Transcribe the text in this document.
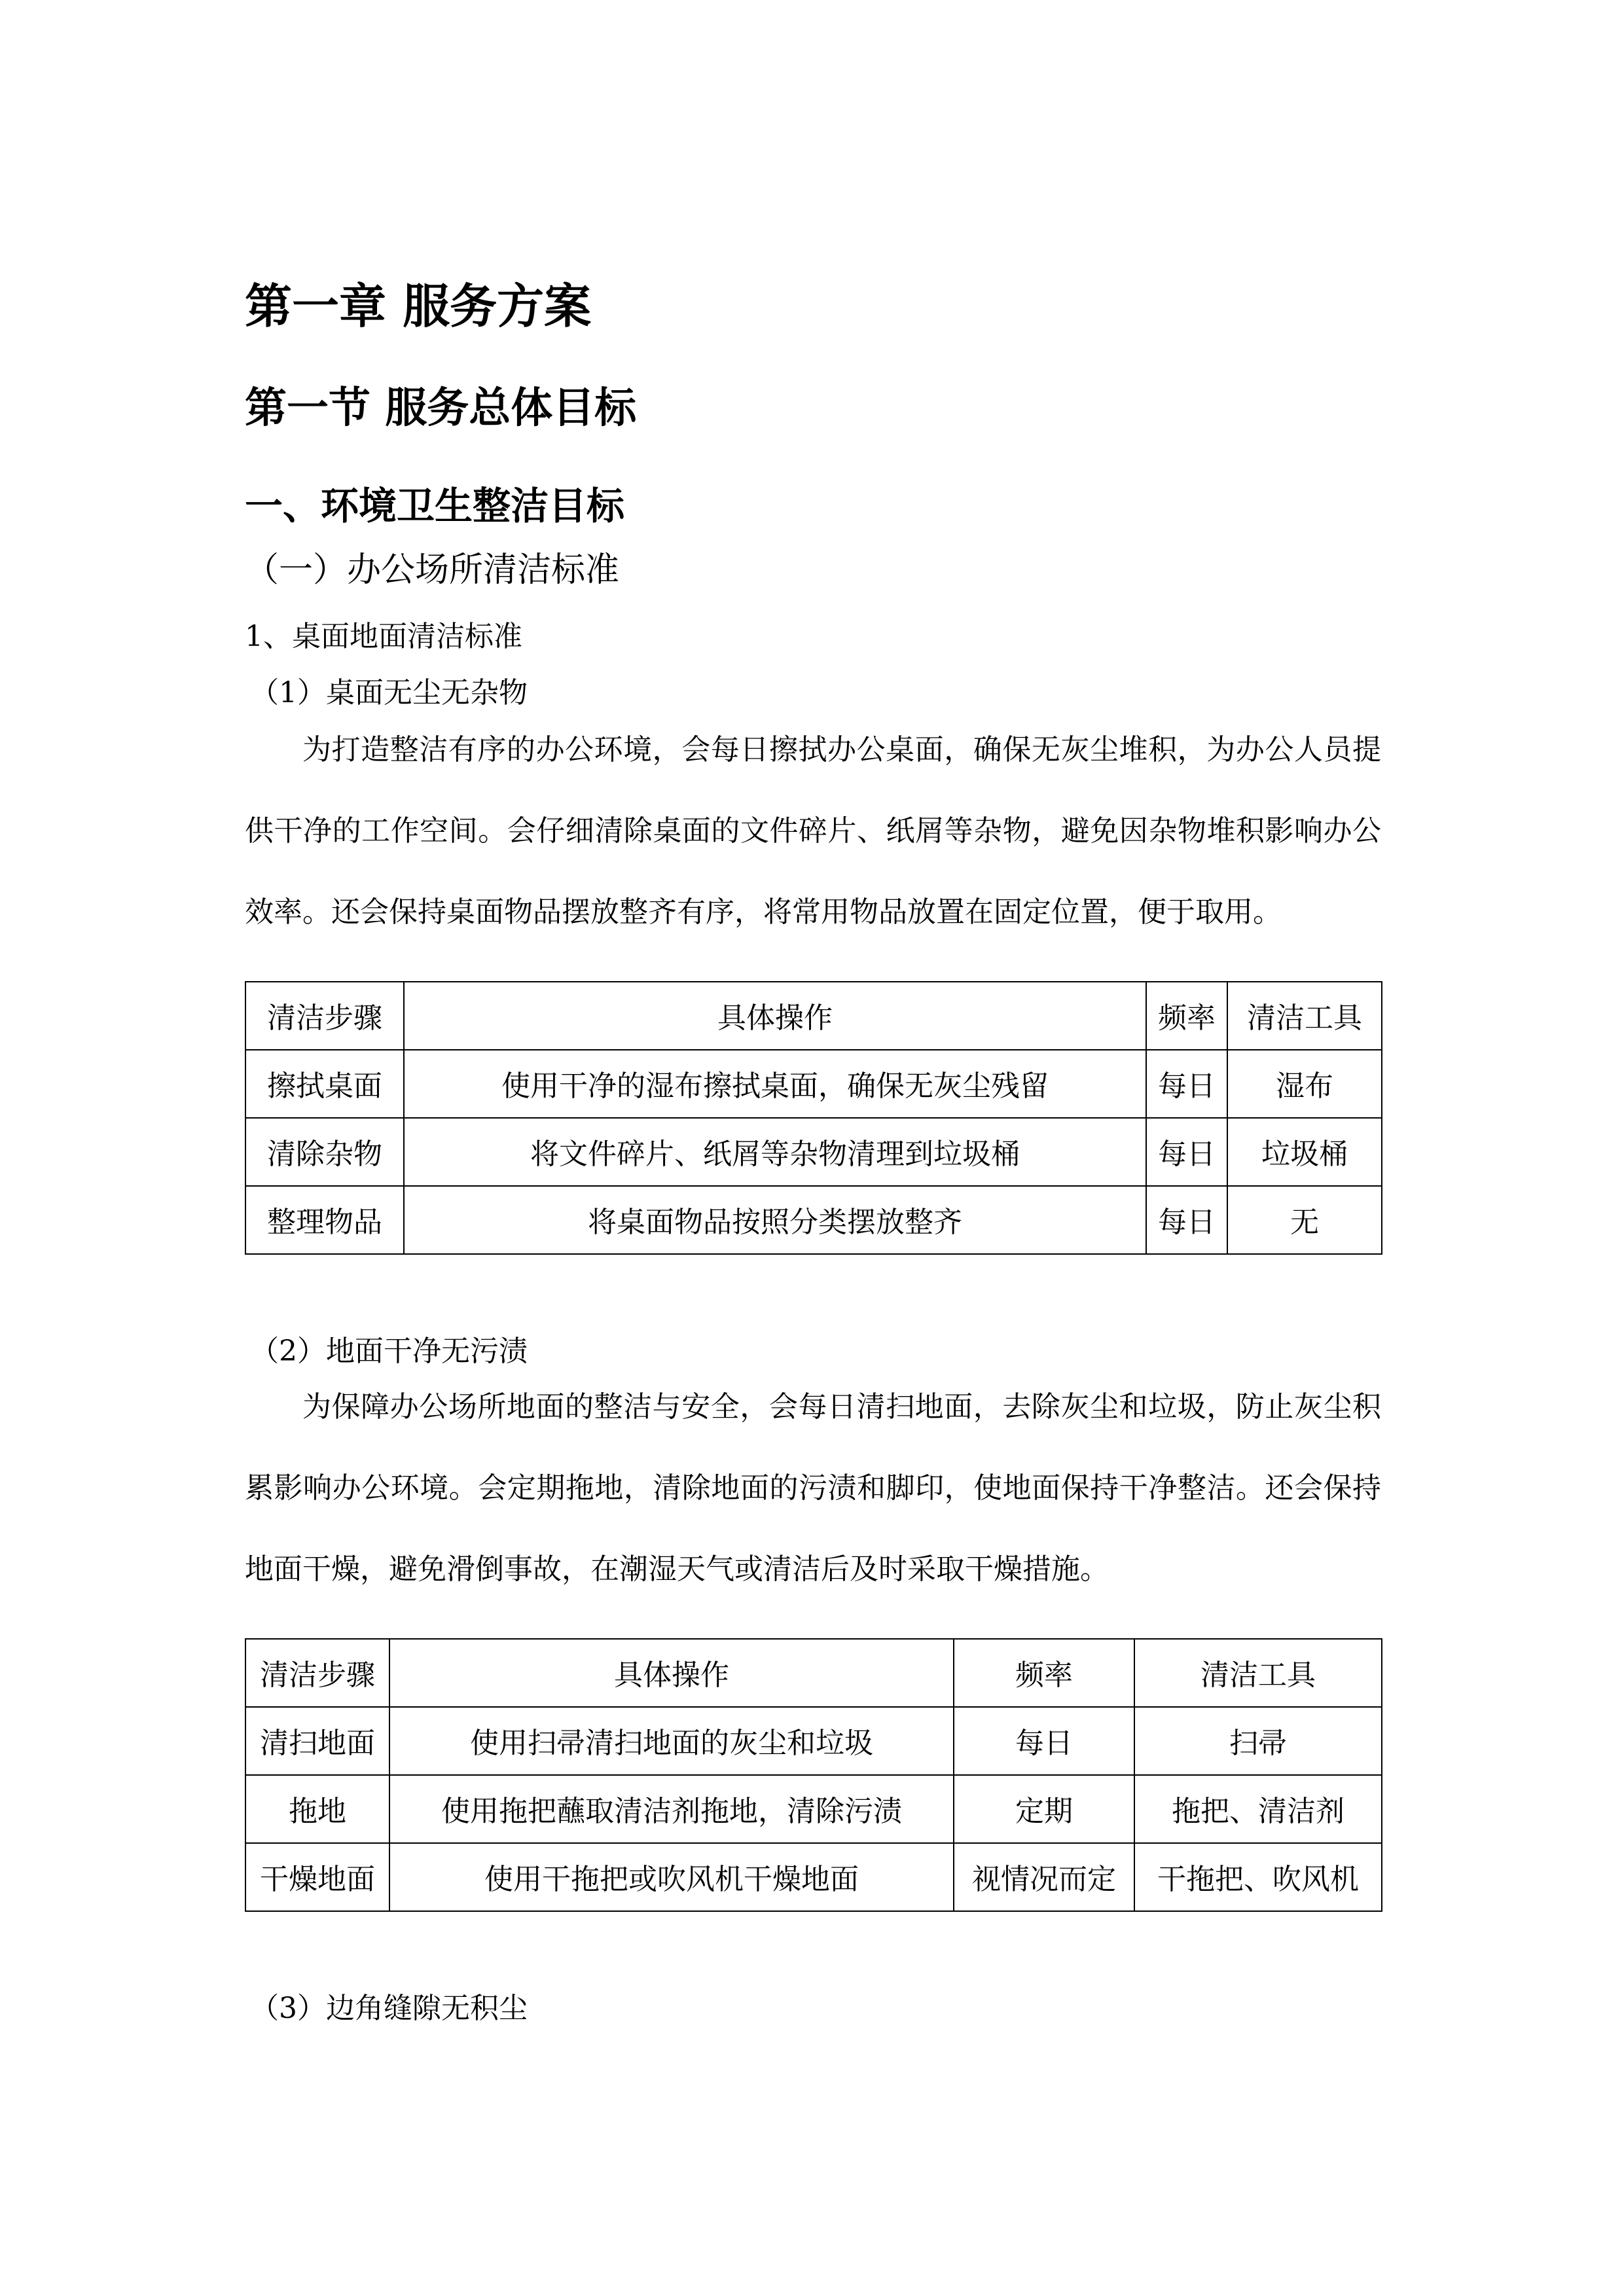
第一章 服务方案
第一节 服务总体目标
一、环境卫生整洁目标
（一）办公场所清洁标准
1、桌面地面清洁标准
（1）桌面无尘无杂物
为打造整洁有序的办公环境，会每日擦拭办公桌面，确保无灰尘堆积，为办公人员提供干净的工作空间。会仔细清除桌面的文件碎片、纸屑等杂物，避免因杂物堆积影响办公效率。还会保持桌面物品摆放整齐有序，将常用物品放置在固定位置，便于取用。
清洁步骤	具体操作	频率	清洁工具
擦拭桌面	使用干净的湿布擦拭桌面，确保无灰尘残留	每日	湿布
清除杂物	将文件碎片、纸屑等杂物清理到垃圾桶	每日	垃圾桶
整理物品	将桌面物品按照分类摆放整齐	每日	无
（2）地面干净无污渍
为保障办公场所地面的整洁与安全，会每日清扫地面，去除灰尘和垃圾，防止灰尘积累影响办公环境。会定期拖地，清除地面的污渍和脚印，使地面保持干净整洁。还会保持地面干燥，避免滑倒事故，在潮湿天气或清洁后及时采取干燥措施。
清洁步骤	具体操作	频率	清洁工具
清扫地面	使用扫帚清扫地面的灰尘和垃圾	每日	扫帚
拖地	使用拖把蘸取清洁剂拖地，清除污渍	定期	拖把、清洁剂
干燥地面	使用干拖把或吹风机干燥地面	视情况而定	干拖把、吹风机
（3）边角缝隙无积尘
